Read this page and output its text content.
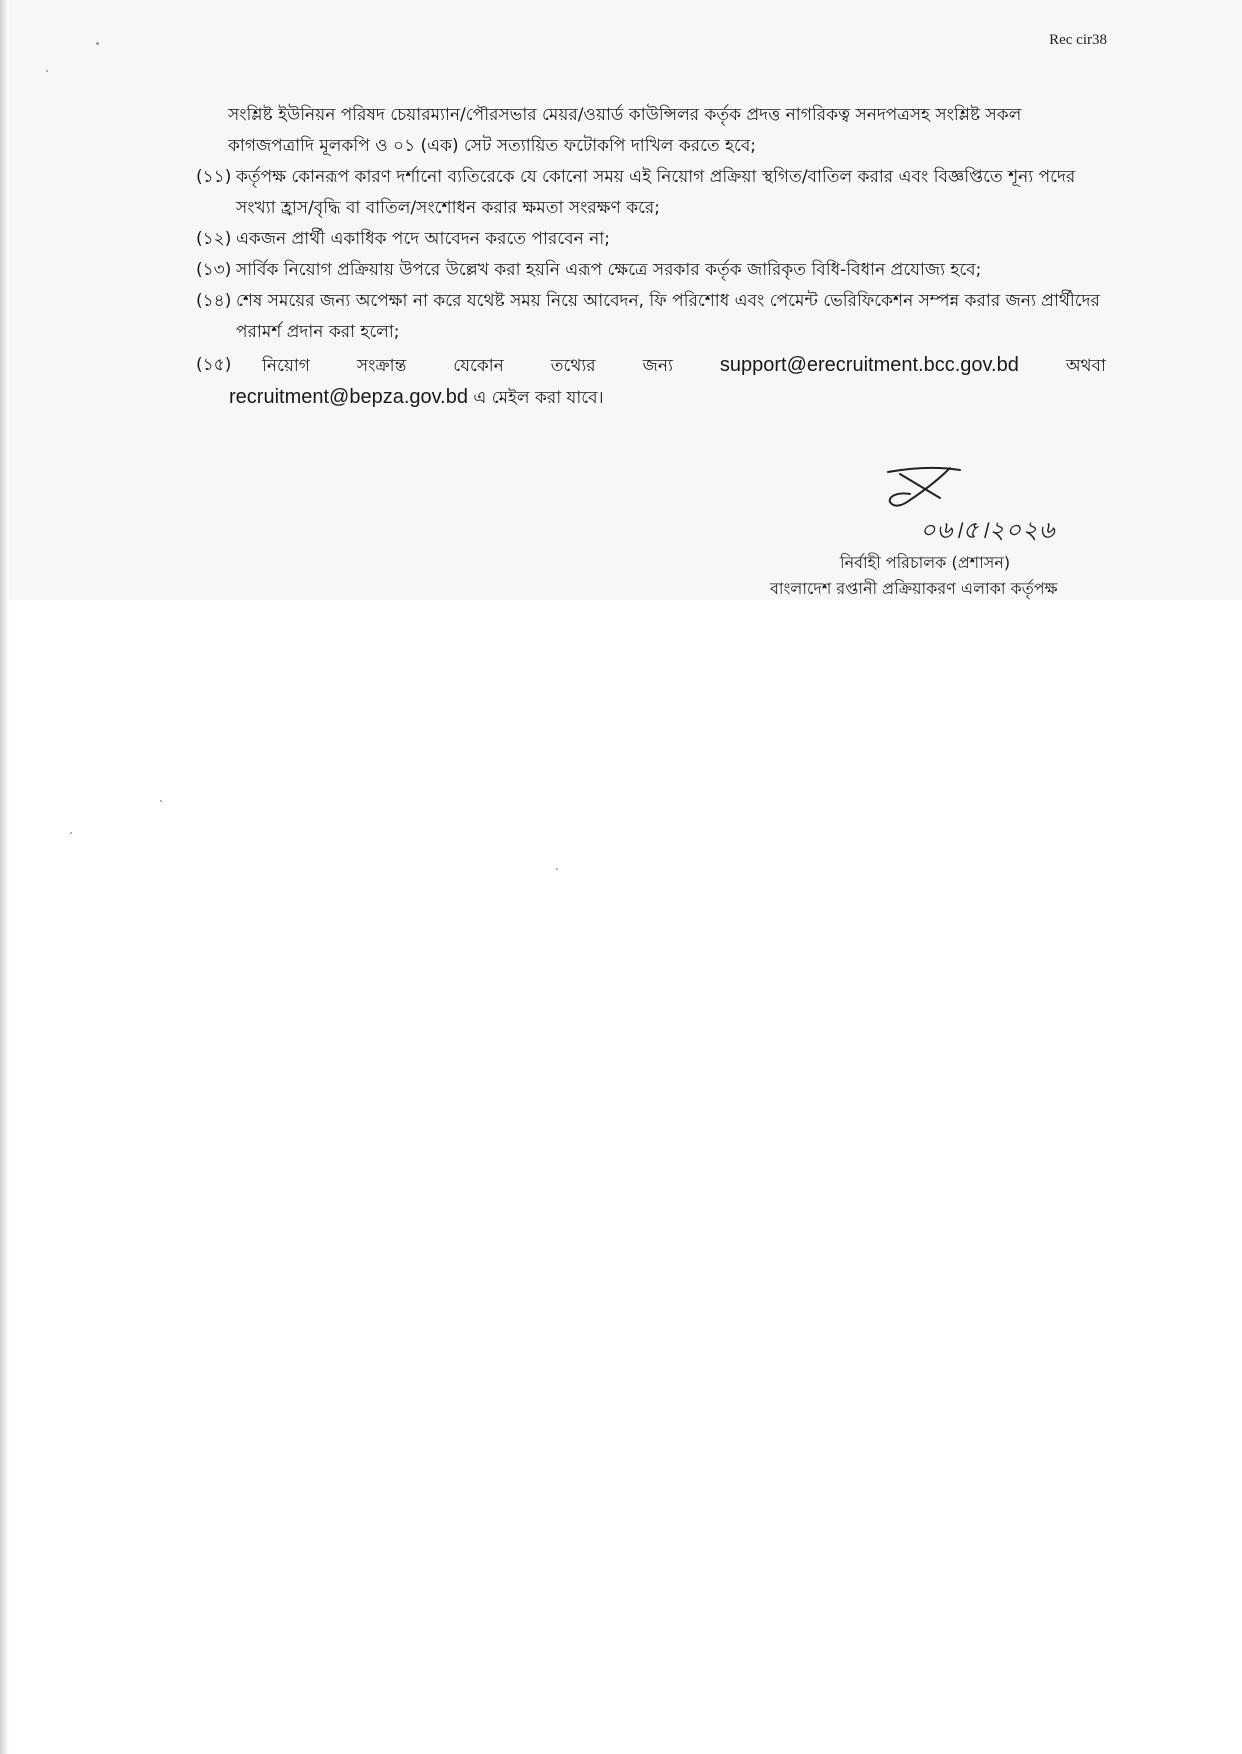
Rec cir38

সংশ্লিষ্ট ইউনিয়ন পরিষদ চেয়ারম্যান/পৌরসভার মেয়র/ওয়ার্ড কাউন্সিলর কর্তৃক প্রদত্ত নাগরিকত্ব সনদপত্রসহ সংশ্লিষ্ট সকল কাগজপত্রাদি মূলকপি ও ০১ (এক) সেট সত্যায়িত ফটোকপি দাখিল করতে হবে;

(১১) কর্তৃপক্ষ কোনরূপ কারণ দর্শানো ব্যতিরেকে যে কোনো সময় এই নিয়োগ প্রক্রিয়া স্থগিত/বাতিল করার এবং বিজ্ঞপ্তিতে শূন্য পদের সংখ্যা হ্রাস/বৃদ্ধি বা বাতিল/সংশোধন করার ক্ষমতা সংরক্ষণ করে;
(১২) একজন প্রার্থী একাধিক পদে আবেদন করতে পারবেন না;
(১৩) সার্বিক নিয়োগ প্রক্রিয়ায় উপরে উল্লেখ করা হয়নি এরূপ ক্ষেত্রে সরকার কর্তৃক জারিকৃত বিধি-বিধান প্রযোজ্য হবে;
(১৪) শেষ সময়ের জন্য অপেক্ষা না করে যথেষ্ট সময় নিয়ে আবেদন, ফি পরিশোধ এবং পেমেন্ট ভেরিফিকেশন সম্পন্ন করার জন্য প্রার্থীদের পরামর্শ প্রদান করা হলো;
(১৫) নিয়োগ	সংক্রান্ত	যেকোন	তথ্যের	জন্য support@erecruitment.bcc.gov.bd	অথবা
recruitment@bepza.gov.bd এ মেইল করা যাবে।
০৬।৫।২০২৬
নির্বাহী পরিচালক (প্রশাসন)
বাংলাদেশ রপ্তানী প্রক্রিয়াকরণ এলাকা কর্তৃপক্ষ
